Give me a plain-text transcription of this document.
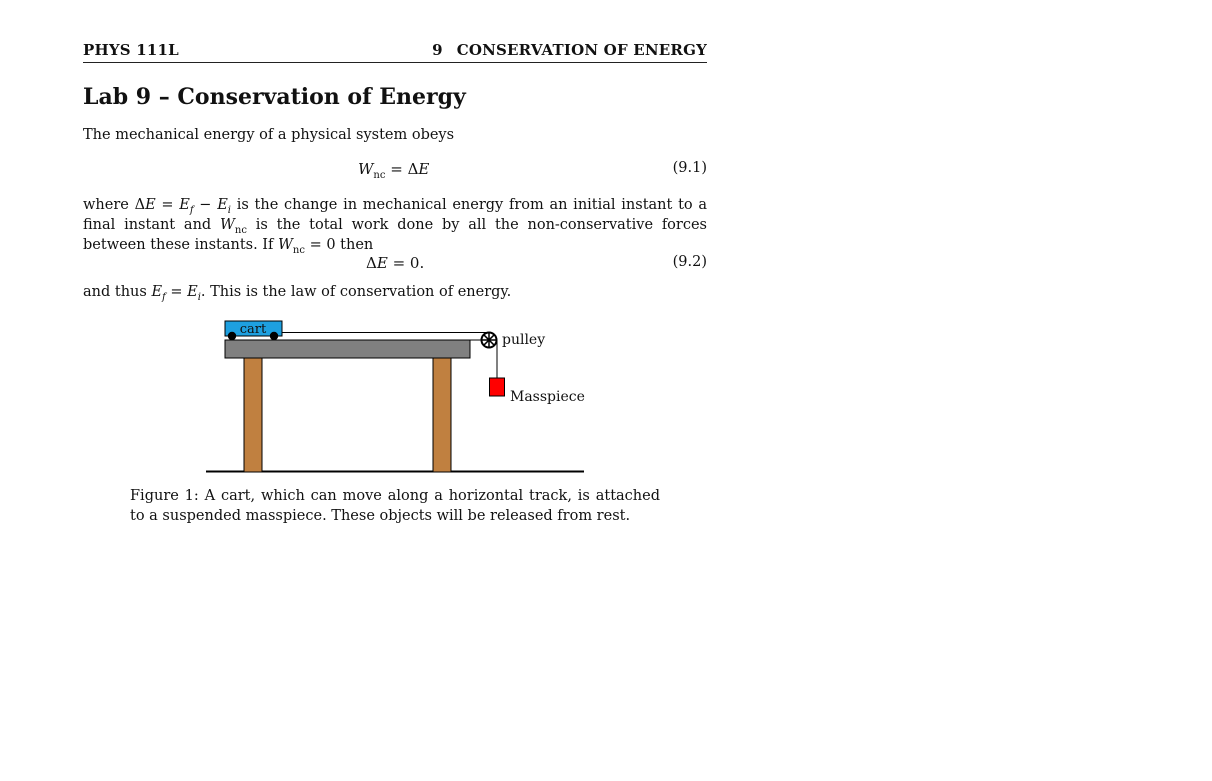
PHYS 111L	9 CONSERVATION OF ENERGY
Lab 9 – Conservation of Energy
The mechanical energy of a physical system obeys
$W_{nc} = \Delta E$	(9.1)
where $\Delta E = E_f - E_i$ is the change in mechanical energy from an initial instant to a final instant and $W_{nc}$ is the total work done by all the non-conservative forces between these instants. If $W_{nc} = 0$ then
ΔE = 0.	(9.2)
and thus $E_f = E_i$. This is the law of conservation of energy.
cart
pulley
Masspiece
Figure 1: A cart, which can move along a horizontal track, is attached to a suspended masspiece. These objects will be released from rest.
